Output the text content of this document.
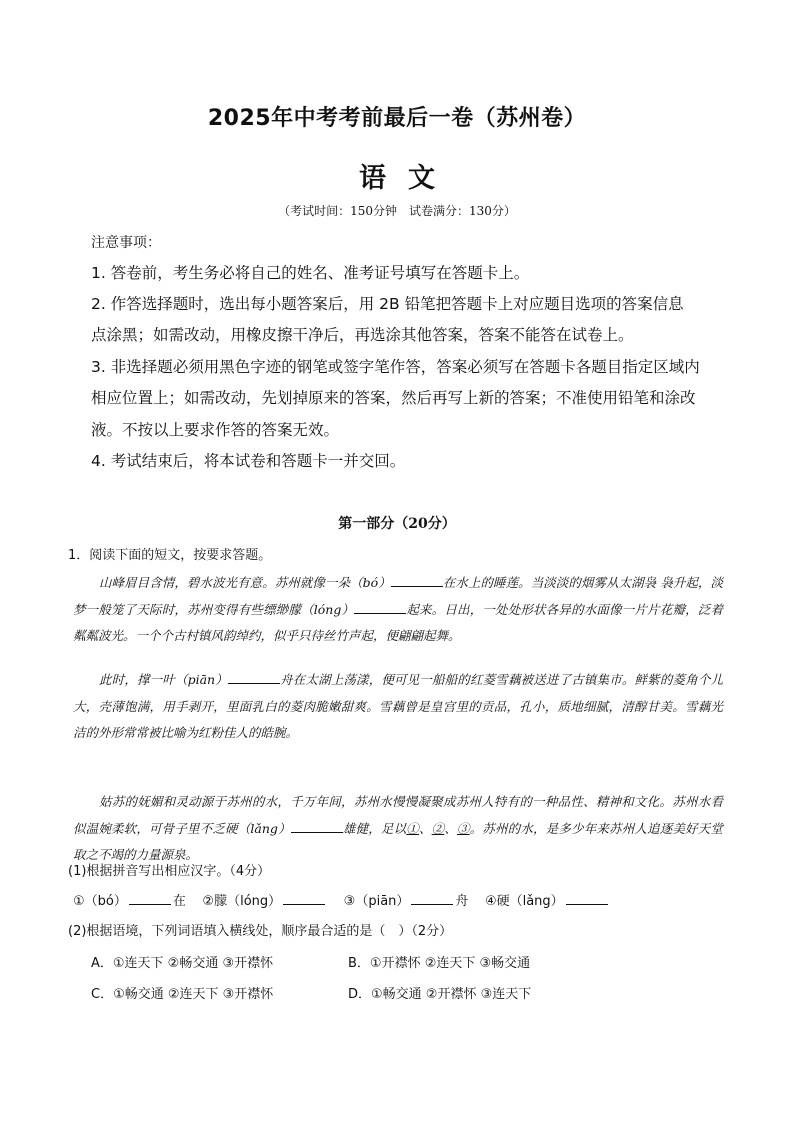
2025年中考考前最后一卷（苏州卷）
语文
（考试时间：150分钟　试卷满分：130分）
注意事项：
1. 答卷前，考生务必将自己的姓名、准考证号填写在答题卡上。
2. 作答选择题时，选出每小题答案后，用 2B 铅笔把答题卡上对应题目选项的答案信息
点涂黑；如需改动，用橡皮擦干净后，再选涂其他答案，答案不能答在试卷上。
3. 非选择题必须用黑色字迹的钢笔或签字笔作答，答案必须写在答题卡各题目指定区域内
相应位置上；如需改动，先划掉原来的答案，然后再写上新的答案；不准使用铅笔和涂改
液。不按以上要求作答的答案无效。
4. 考试结束后，将本试卷和答题卡一并交回。
第一部分（20分）
1．阅读下面的短文，按要求答题。
山峰眉目含情，碧水波光有意。苏州就像一朵（bó）	在水上的睡莲。当淡淡的烟雾从太湖袅 袅升起，淡梦一般笼了天际时，苏州变得有些缥缈朦（lóng）	起来。日出，一处处形状各异的水面像一片片花瓣，泛着粼粼波光。一个个古村镇风韵绰约，似乎只待丝竹声起，便翩翩起舞。
此时，撑一叶（piān）	舟在太湖上荡漾，便可见一船船的红菱雪藕被送进了古镇集市。鲜紫的菱角个儿大，壳薄饱满，用手剥开，里面乳白的菱肉脆嫩甜爽。雪藕曾是皇宫里的贡品，孔小，质地细腻，清醇甘美。雪藕光洁的外形常常被比喻为红粉佳人的皓腕。
姑苏的妩媚和灵动源于苏州的水，千万年间，苏州水慢慢凝聚成苏州人特有的一种品性、精神和文化。苏州水看似温婉柔软，可骨子里不乏硬（lǎng）	雄健，足以①、②、③。苏州的水，是多少年来苏州人追逐美好天堂取之不竭的力量源泉。
(1)根据拼音写出相应汉字。（4分）
①（bó）	在 ②朦（lóng）	③（piān）	舟 ④硬（lǎng）
(2)根据语境，下列词语填入横线处，顺序最合适的是（　）（2分）
A．①连天下 ②畅交通 ③开襟怀	B．①开襟怀 ②连天下 ③畅交通
C．①畅交通 ②连天下 ③开襟怀	D．①畅交通 ②开襟怀 ③连天下
